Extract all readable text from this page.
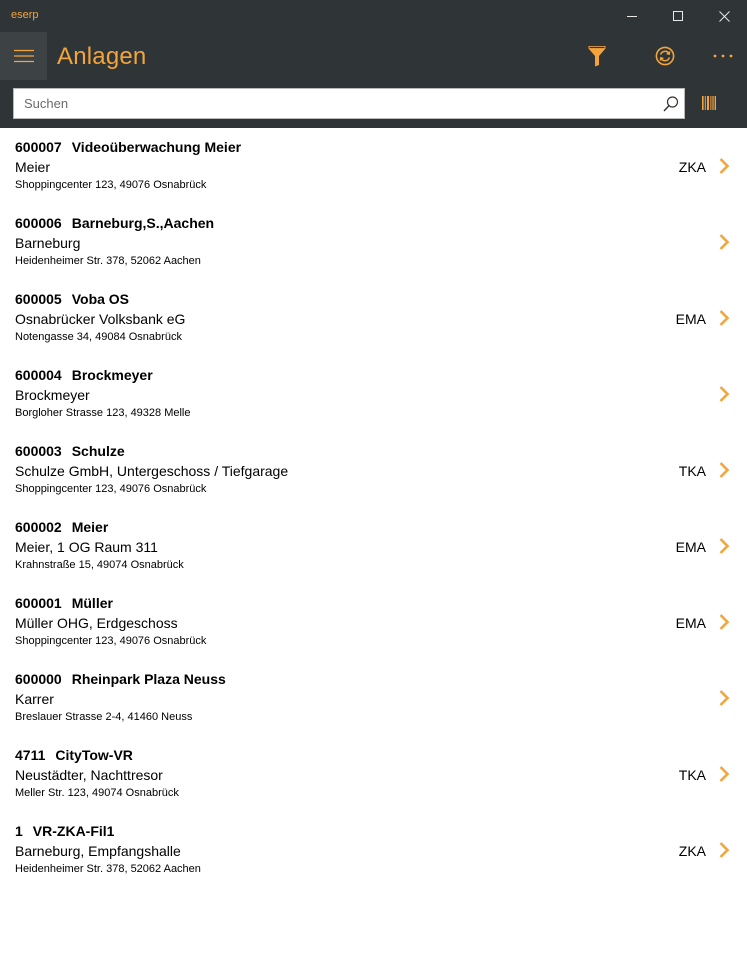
eserp
Anlagen
Suchen
600007 Videoüberwachung Meier
Meier
Shoppingcenter 123, 49076 Osnabrück
ZKA
600006 Barneburg,S.,Aachen
Barneburg
Heidenheimer Str. 378, 52062 Aachen
600005 Voba OS
Osnabrücker Volksbank eG
Notengasse 34, 49084 Osnabrück
EMA
600004 Brockmeyer
Brockmeyer
Borgloher Strasse 123, 49328 Melle
600003 Schulze
Schulze GmbH, Untergeschoss / Tiefgarage
Shoppingcenter 123, 49076 Osnabrück
TKA
600002 Meier
Meier, 1 OG Raum 311
Krahnstraße 15, 49074 Osnabrück
EMA
600001 Müller
Müller OHG, Erdgeschoss
Shoppingcenter 123, 49076 Osnabrück
EMA
600000 Rheinpark Plaza Neuss
Karrer
Breslauer Strasse 2-4, 41460 Neuss
4711 CityTow-VR
Neustädter, Nachttresor
Meller Str. 123, 49074 Osnabrück
TKA
1 VR-ZKA-Fil1
Barneburg, Empfangshalle
Heidenheimer Str. 378, 52062 Aachen
ZKA
